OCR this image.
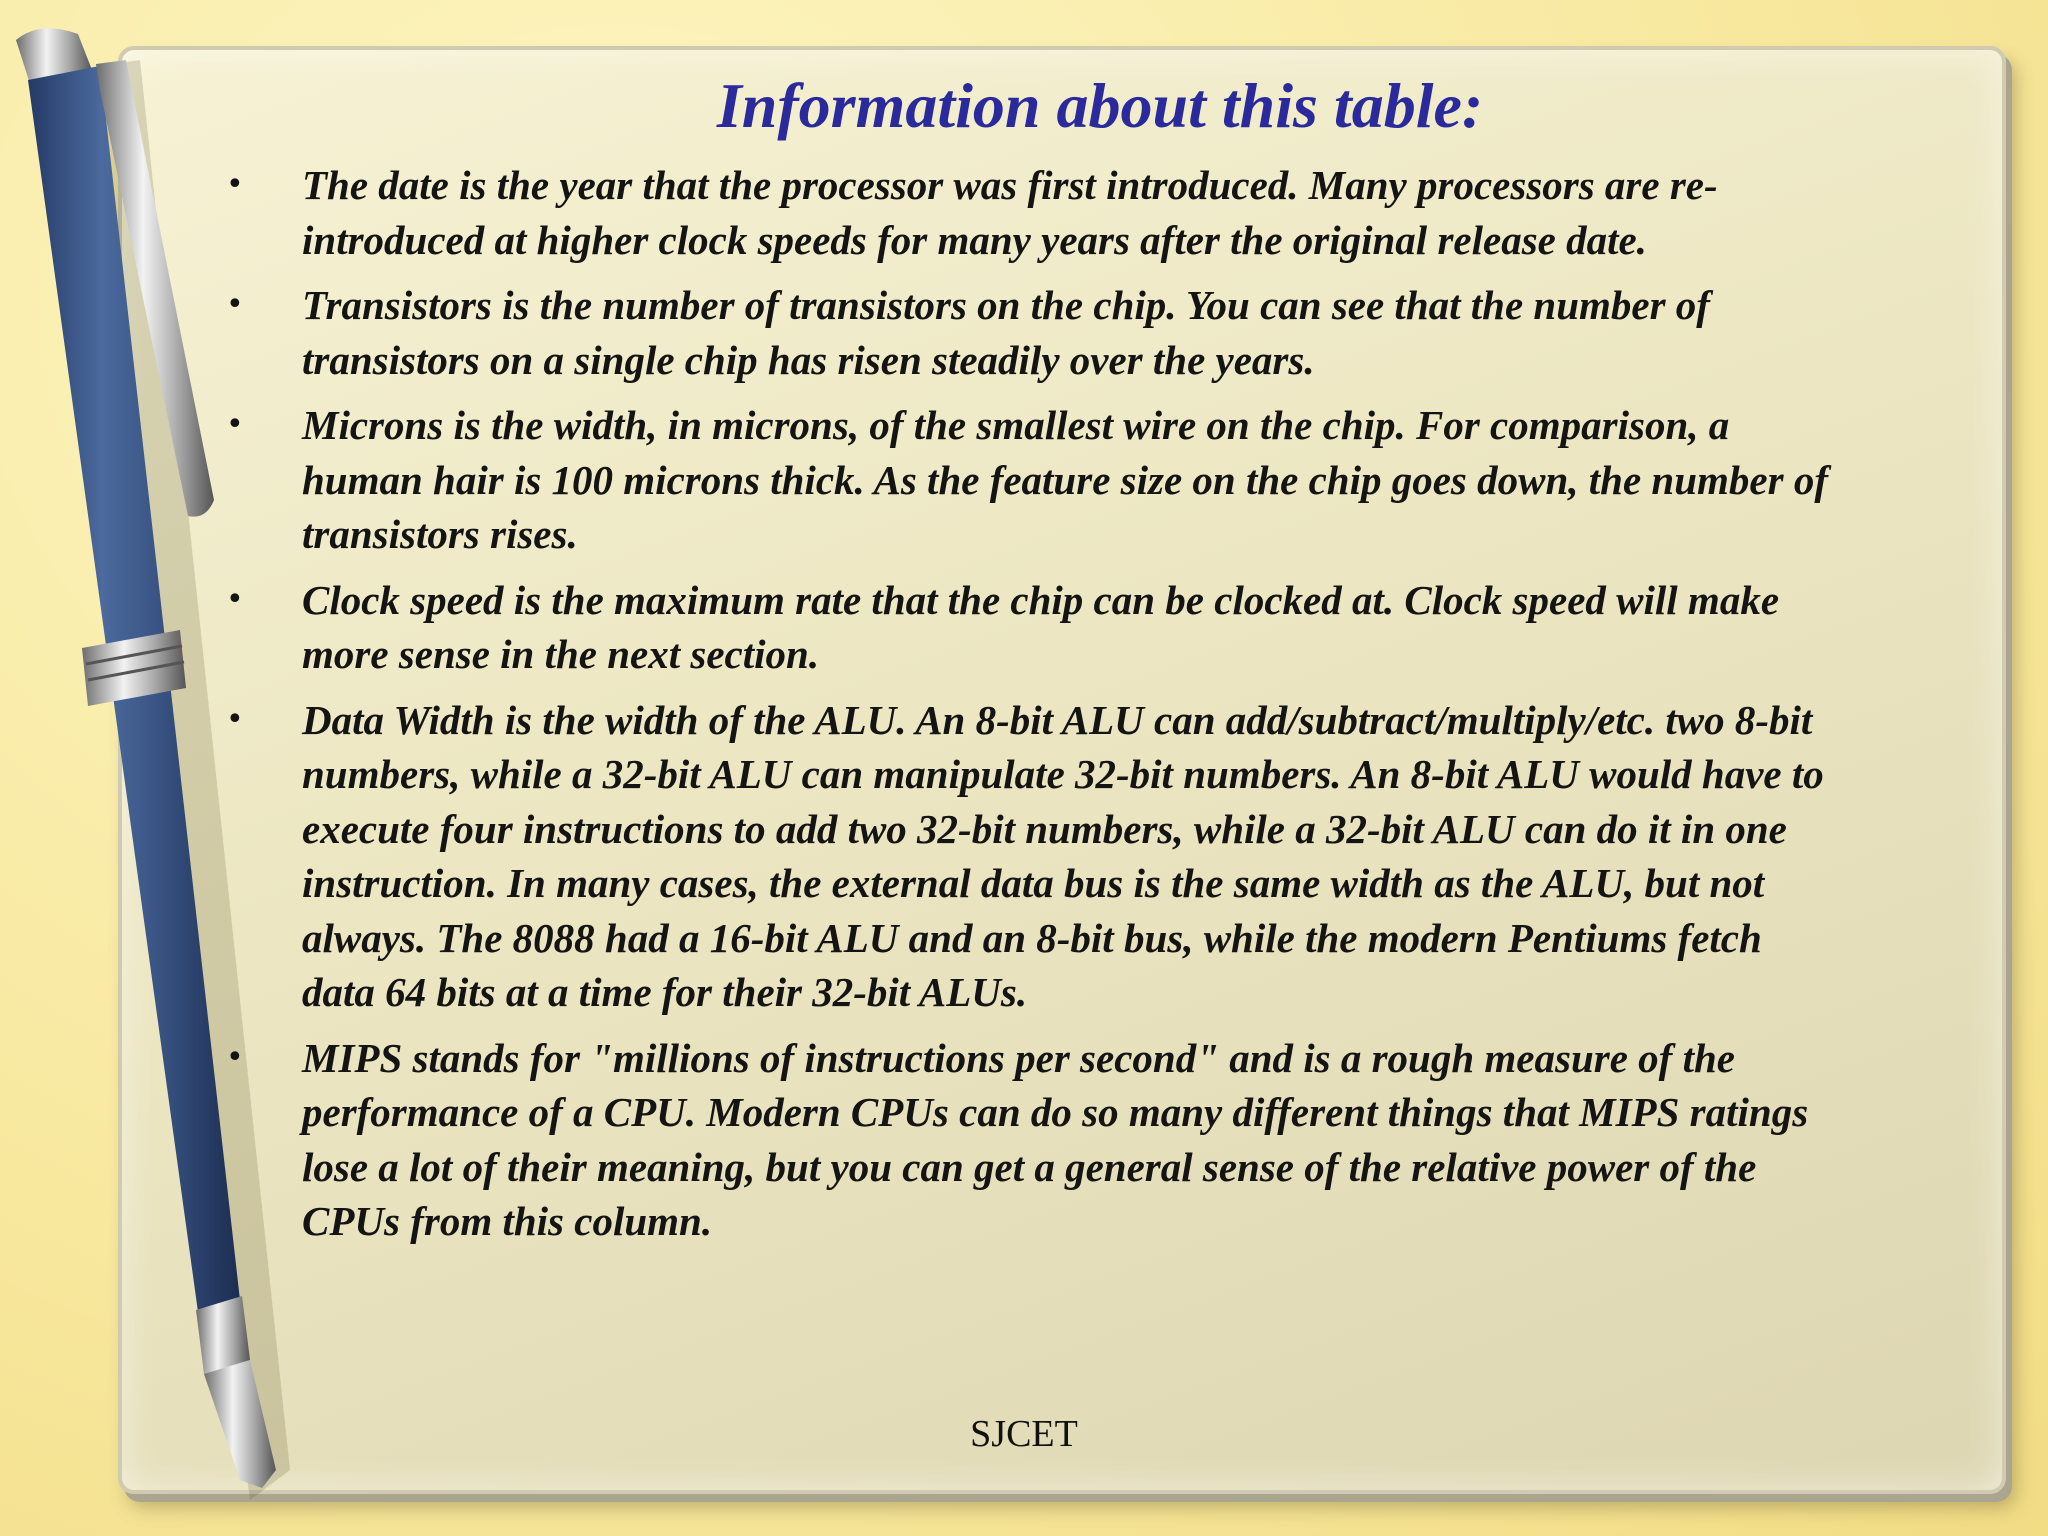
Information about this table:
• The date is the year that the processor was first introduced. Many processors are re-introduced at higher clock speeds for many years after the original release date.
• Transistors is the number of transistors on the chip. You can see that the number of transistors on a single chip has risen steadily over the years.
• Microns is the width, in microns, of the smallest wire on the chip. For comparison, a human hair is 100 microns thick. As the feature size on the chip goes down, the number of transistors rises.
• Clock speed is the maximum rate that the chip can be clocked at. Clock speed will make more sense in the next section.
• Data Width is the width of the ALU. An 8-bit ALU can add/subtract/multiply/etc. two 8-bit numbers, while a 32-bit ALU can manipulate 32-bit numbers. An 8-bit ALU would have to execute four instructions to add two 32-bit numbers, while a 32-bit ALU can do it in one instruction. In many cases, the external data bus is the same width as the ALU, but not always. The 8088 had a 16-bit ALU and an 8-bit bus, while the modern Pentiums fetch data 64 bits at a time for their 32-bit ALUs.
• MIPS stands for "millions of instructions per second" and is a rough measure of the performance of a CPU. Modern CPUs can do so many different things that MIPS ratings lose a lot of their meaning, but you can get a general sense of the relative power of the CPUs from this column.
SJCET
